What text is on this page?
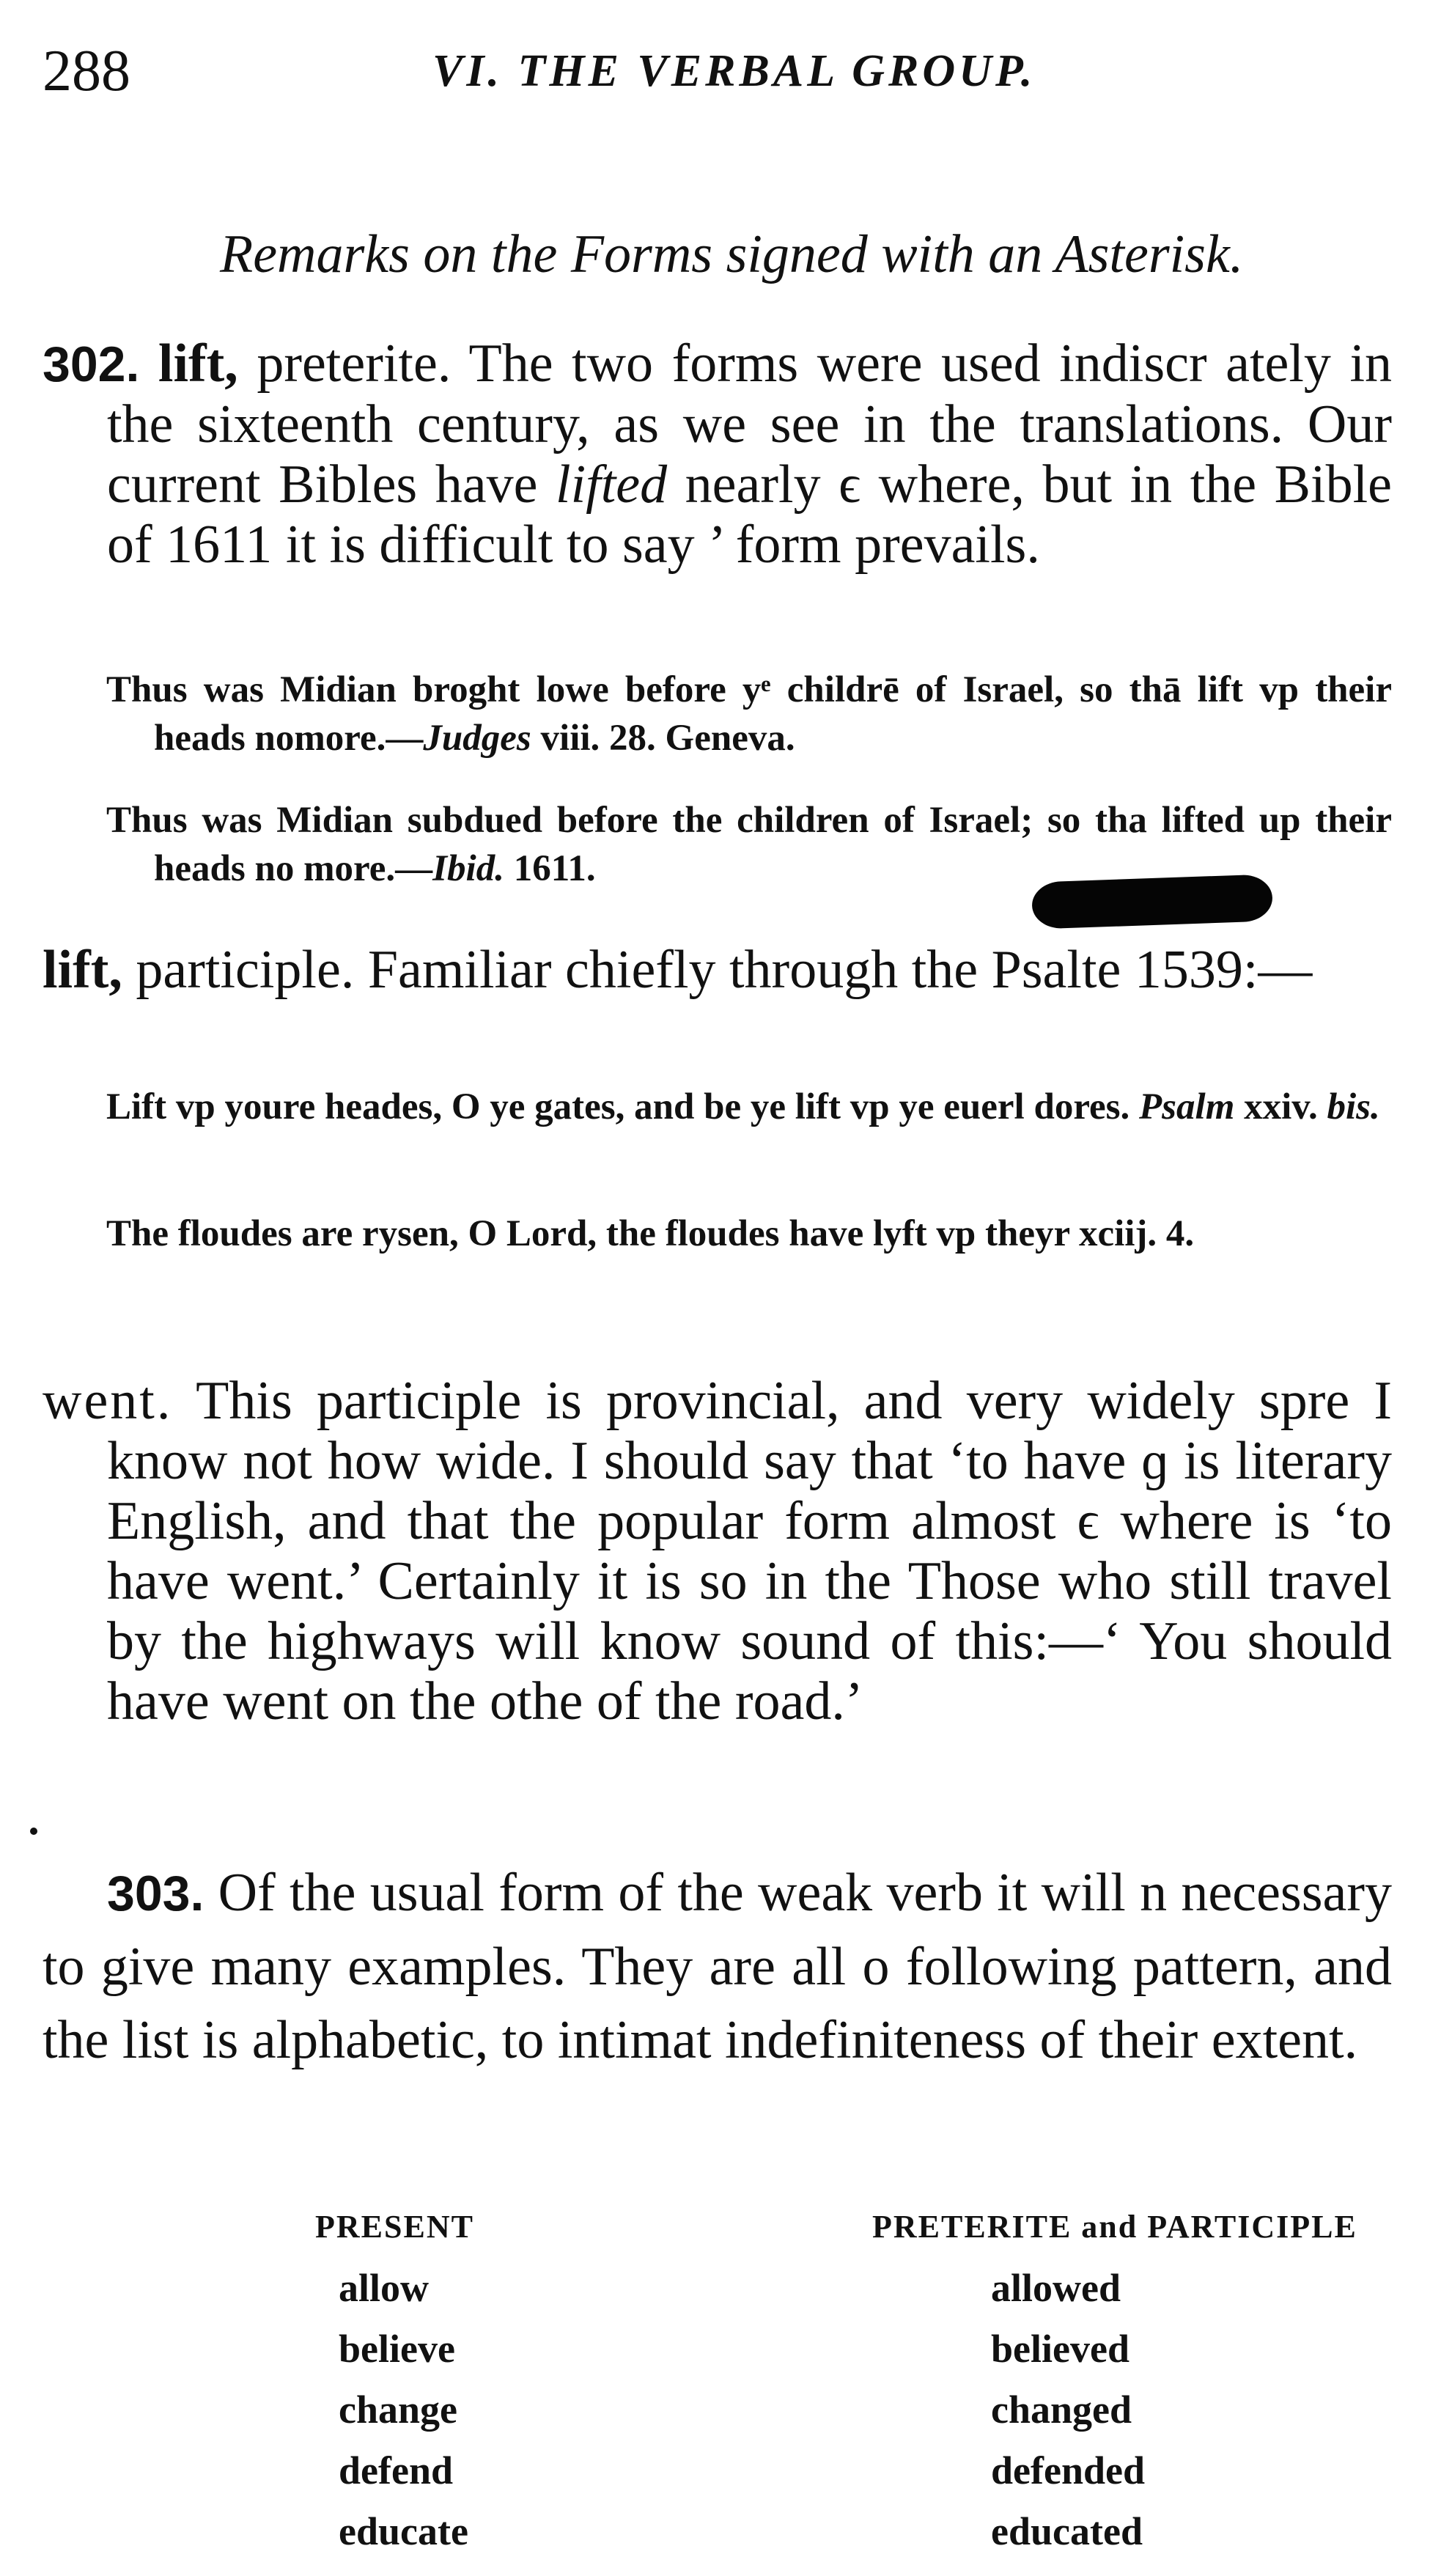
288	VI. THE VERBAL GROUP.
Remarks on the Forms signed with an Asterisk.
302. lift, preterite. The two forms were used indiscr ately in the sixteenth century, as we see in the translations. Our current Bibles have lifted nearly ϵ where, but in the Bible of 1611 it is difficult to say ’ form prevails.
Thus was Midian broght lowe before yᵉ childrē of Israel, so thā lift vp their heads nomore.—Judges viii. 28. Geneva.
Thus was Midian subdued before the children of Israel; so tha lifted up their heads no more.—Ibid. 1611.
lift, participle. Familiar chiefly through the Psalte 1539:—
Lift vp youre heades, O ye gates, and be ye lift vp ye euerl dores. Psalm xxiv. bis.
The floudes are rysen, O Lord, the floudes have lyft vp theyr xciij. 4.
went. This participle is provincial, and very widely spre I know not how wide. I should say that ‘to have ɡ is literary English, and that the popular form almost ϵ where is ‘to have went.’ Certainly it is so in the Those who still travel by the highways will know sound of this:—‘ You should have went on the othe of the road.’
303. Of the usual form of the weak verb it will n necessary to give many examples. They are all o following pattern, and the list is alphabetic, to intimat indefiniteness of their extent.
PRESENT	PRETERITE and PARTICIPLE
allow	allowed
believe	believed
change	changed
defend	defended
educate	educated
